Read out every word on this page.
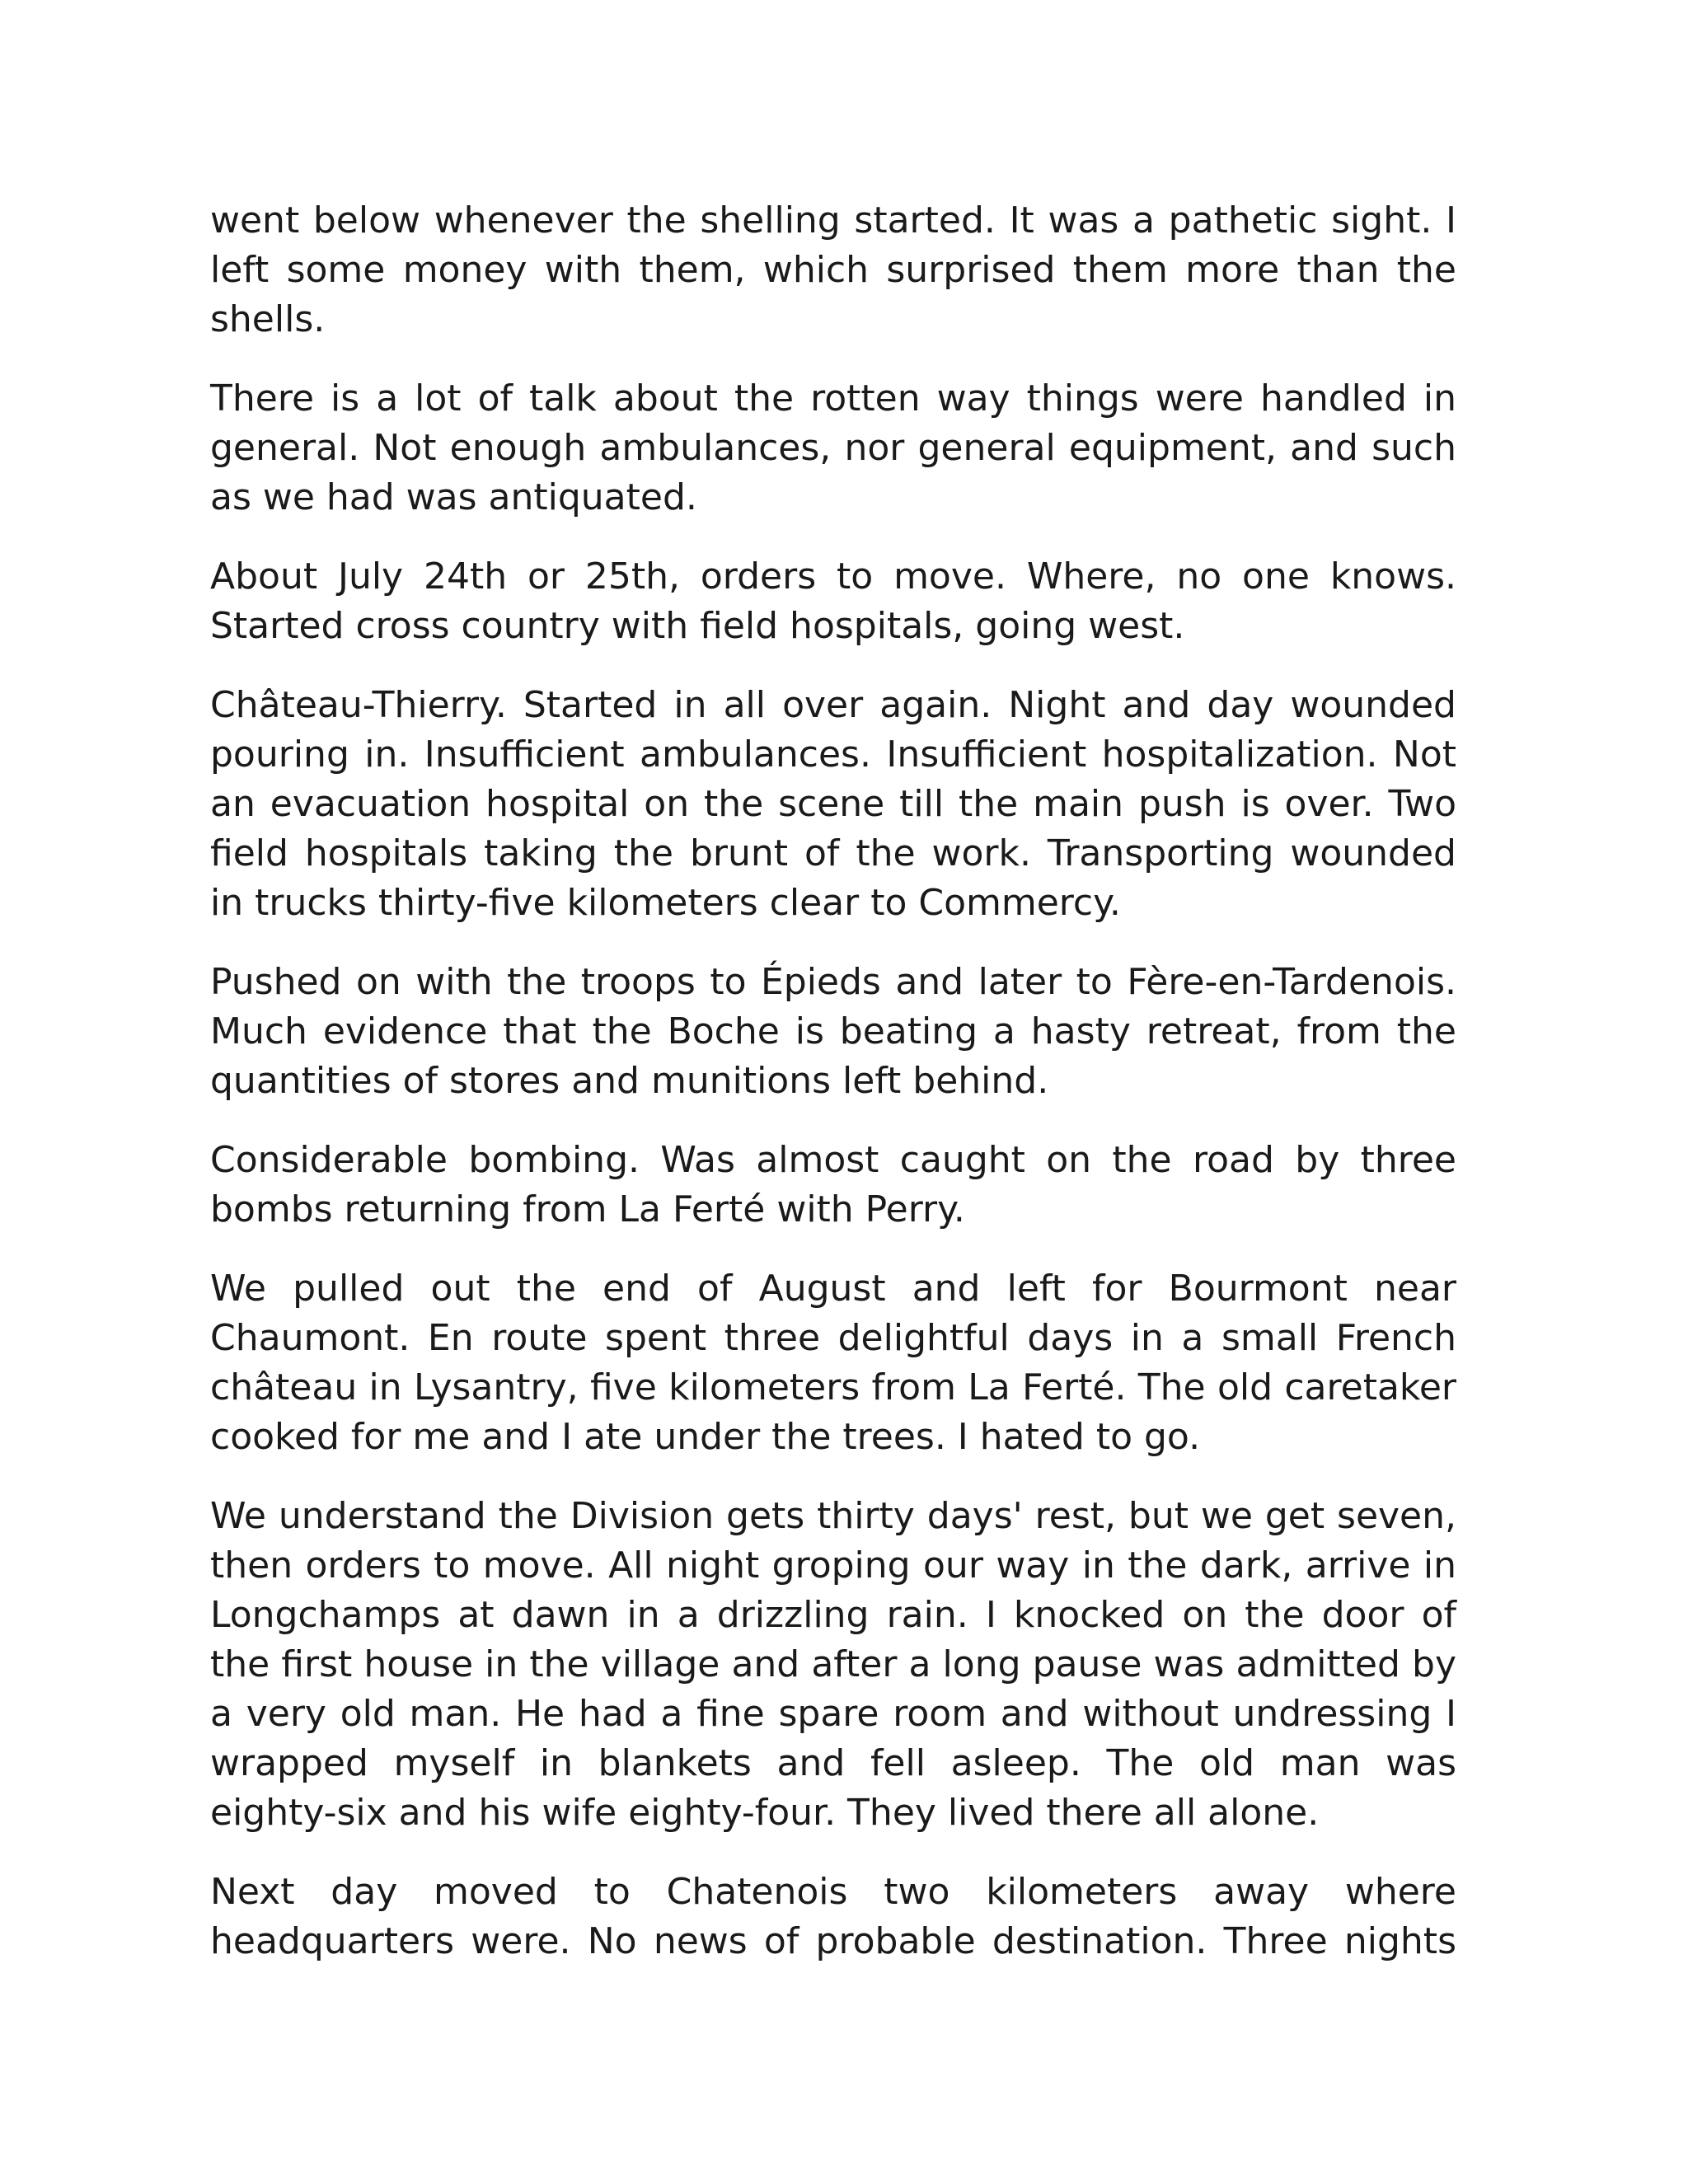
went below whenever the shelling started. It was a pathetic sight. I left some money with them, which surprised them more than the shells.

There is a lot of talk about the rotten way things were handled in general. Not enough ambulances, nor general equipment, and such as we had was antiquated.

About July 24th or 25th, orders to move. Where, no one knows. Started cross country with field hospitals, going west.

Château-Thierry. Started in all over again. Night and day wounded pouring in. Insufficient ambulances. Insufficient hospitalization. Not an evacuation hospital on the scene till the main push is over. Two field hospitals taking the brunt of the work. Transporting wounded in trucks thirty-five kilometers clear to Commercy.

Pushed on with the troops to Épieds and later to Fère-en-Tardenois. Much evidence that the Boche is beating a hasty retreat, from the quantities of stores and munitions left behind.

Considerable bombing. Was almost caught on the road by three bombs returning from La Ferté with Perry.

We pulled out the end of August and left for Bourmont near Chaumont. En route spent three delightful days in a small French château in Lysantry, five kilometers from La Ferté. The old caretaker cooked for me and I ate under the trees. I hated to go.

We understand the Division gets thirty days' rest, but we get seven, then orders to move. All night groping our way in the dark, arrive in Longchamps at dawn in a drizzling rain. I knocked on the door of the first house in the village and after a long pause was admitted by a very old man. He had a fine spare room and without undressing I wrapped myself in blankets and fell asleep. The old man was eighty-six and his wife eighty-four. They lived there all alone.

Next day moved to Chatenois two kilometers away where headquarters were. No news of probable destination. Three nights
